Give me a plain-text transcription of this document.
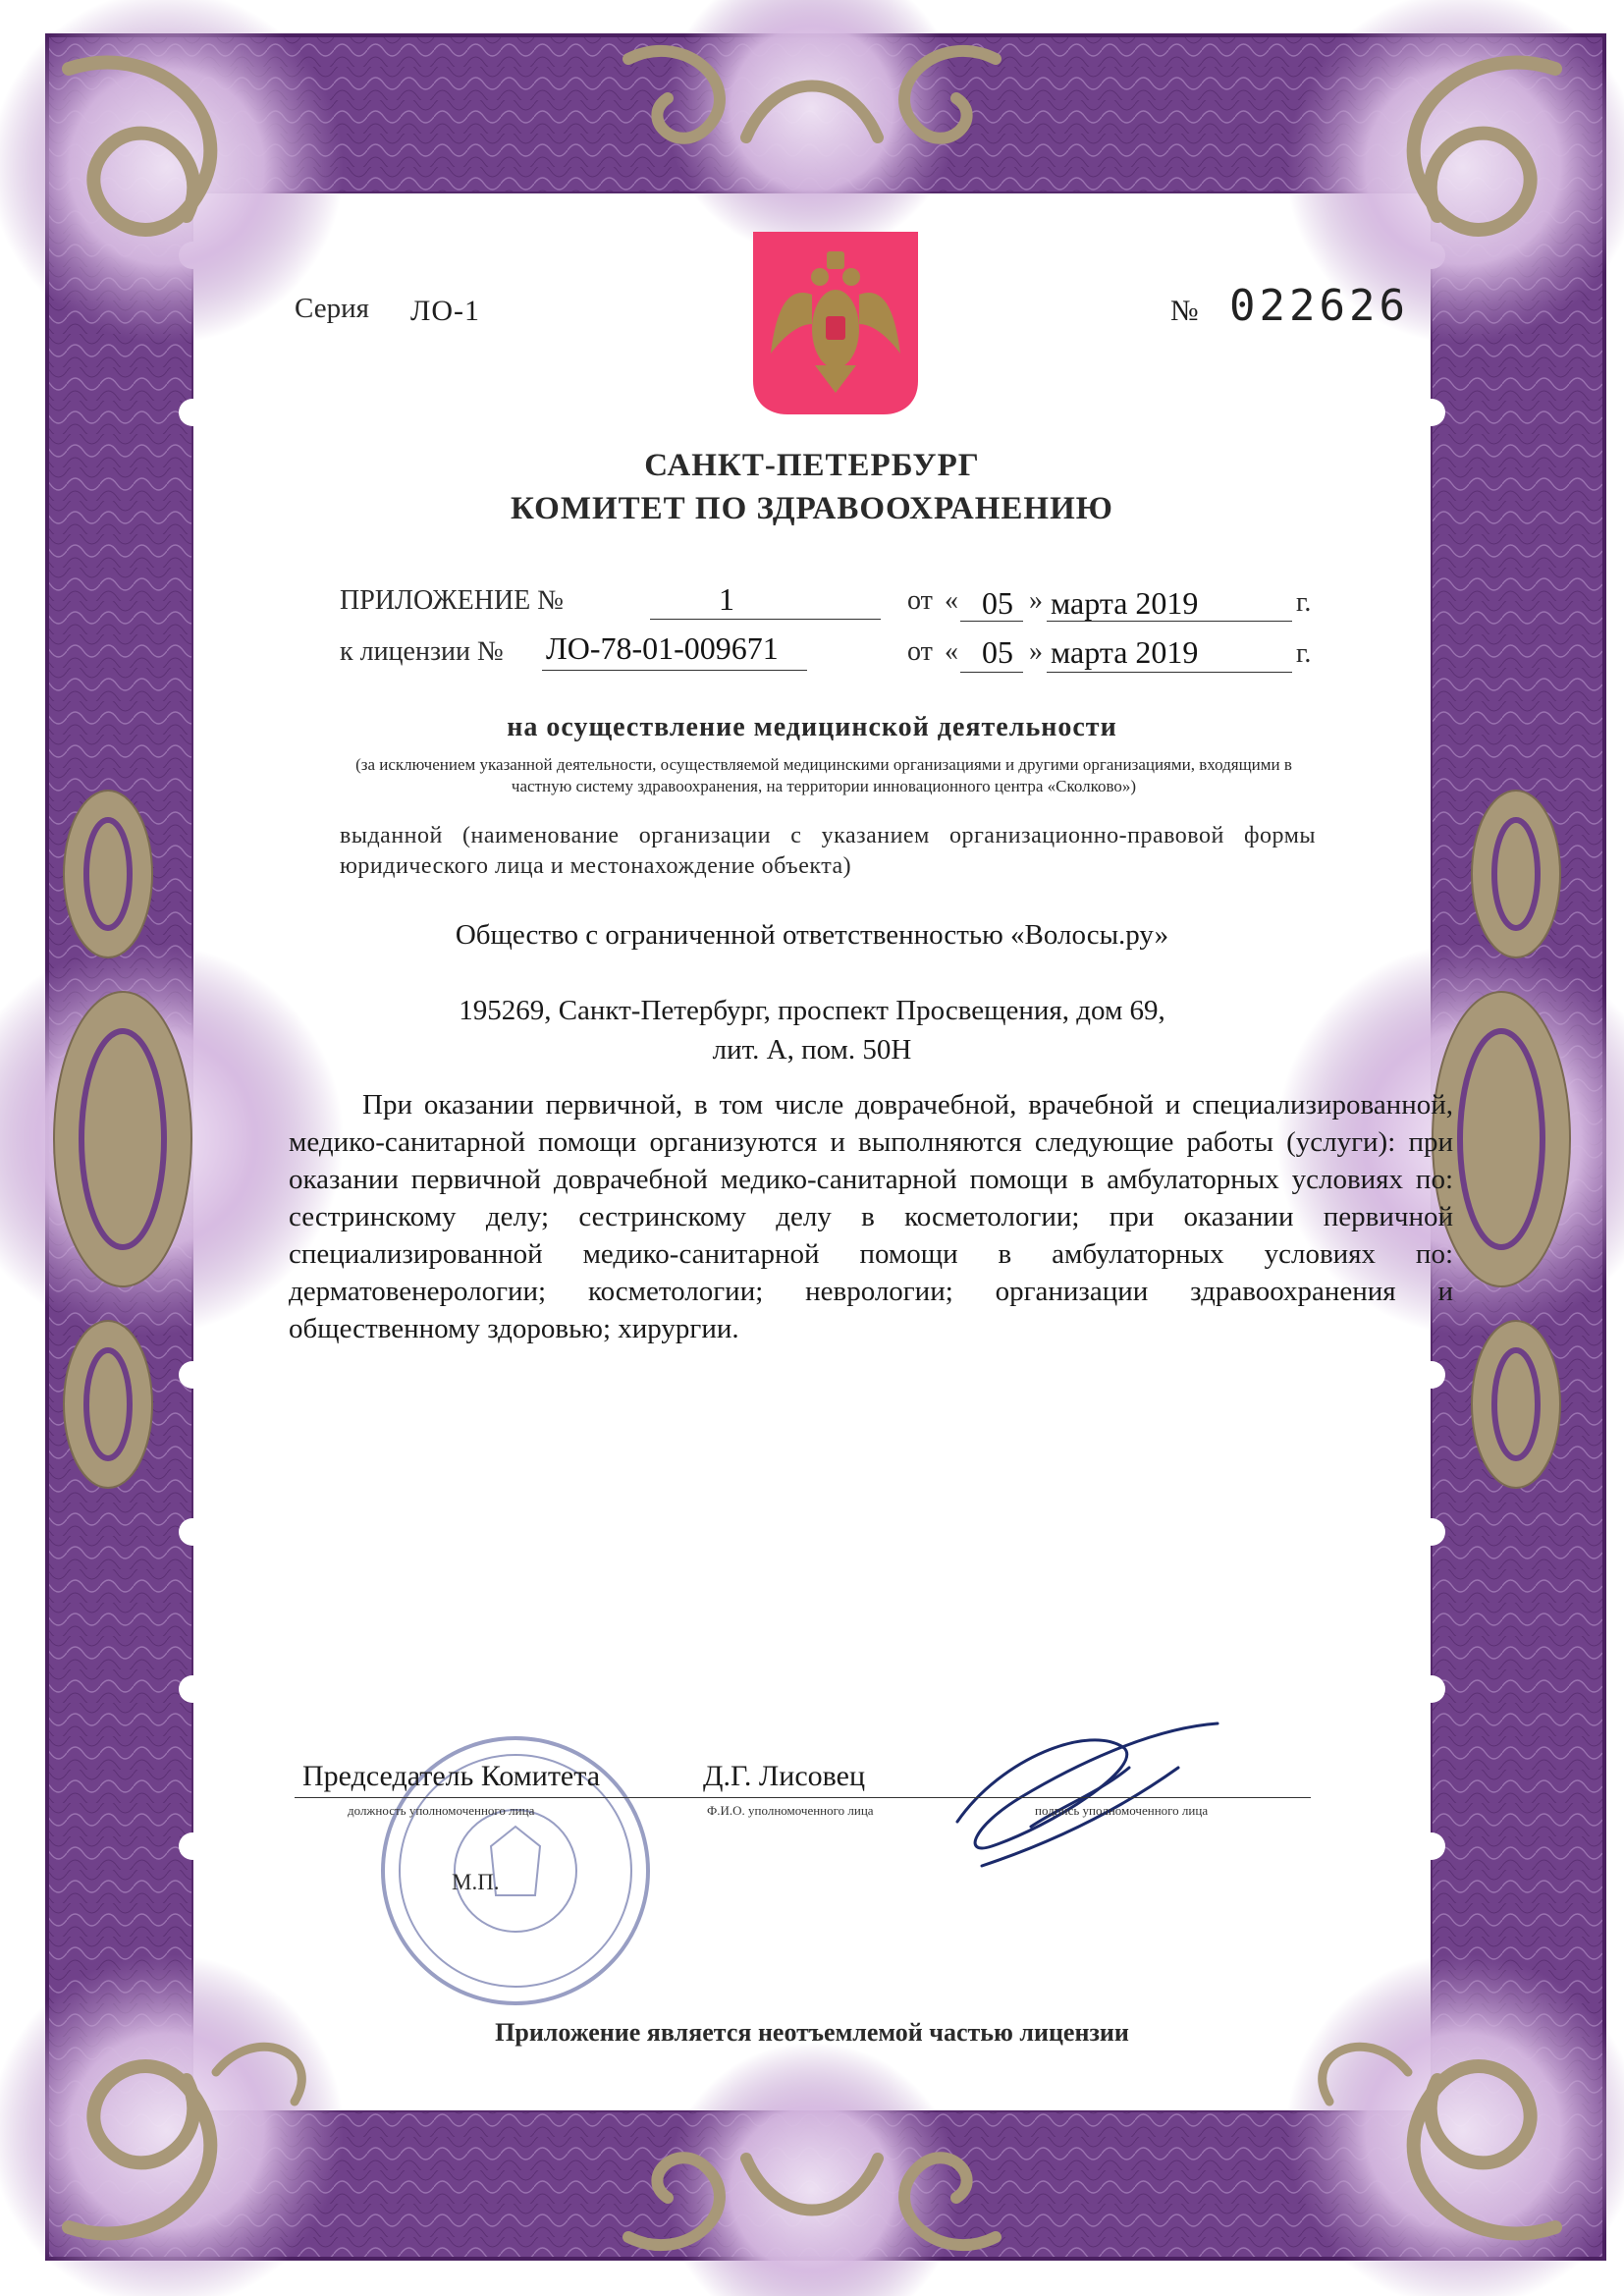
Серия ЛО-1	№ 022626
САНКТ-ПЕТЕРБУРГ
КОМИТЕТ ПО ЗДРАВООХРАНЕНИЮ
ПРИЛОЖЕНИЕ №	1	от « 05 » марта 2019	г.
к лицензии № ЛО-78-01-009671	от « 05 » марта 2019	г.
на осуществление медицинской деятельности
(за исключением указанной деятельности, осуществляемой медицинскими организациями и другими организациями, входящими в частную систему здравоохранения, на территории инновационного центра «Сколково»)
выданной (наименование организации с указанием организационно-правовой формы юридического лица и местонахождение объекта)
Общество с ограниченной ответственностью «Волосы.ру»
195269, Санкт-Петербург, проспект Просвещения, дом 69,
лит. А, пом. 50Н
При оказании первичной, в том числе доврачебной, врачебной и специализированной, медико-санитарной помощи организуются и выполняются следующие работы (услуги): при оказании первичной доврачебной медико-санитарной помощи в амбулаторных условиях по: сестринскому делу; сестринскому делу в косметологии; при оказании первичной специализированной медико-санитарной помощи в амбулаторных условиях по: дерматовенерологии; косметологии; неврологии; организации здравоохранения и общественному здоровью; хирургии.
Председатель Комитета	Д.Г. Лисовец
должность уполномоченного лица	Ф.И.О. уполномоченного лица	подпись уполномоченного лица
М.П.
Приложение является неотъемлемой частью лицензии
